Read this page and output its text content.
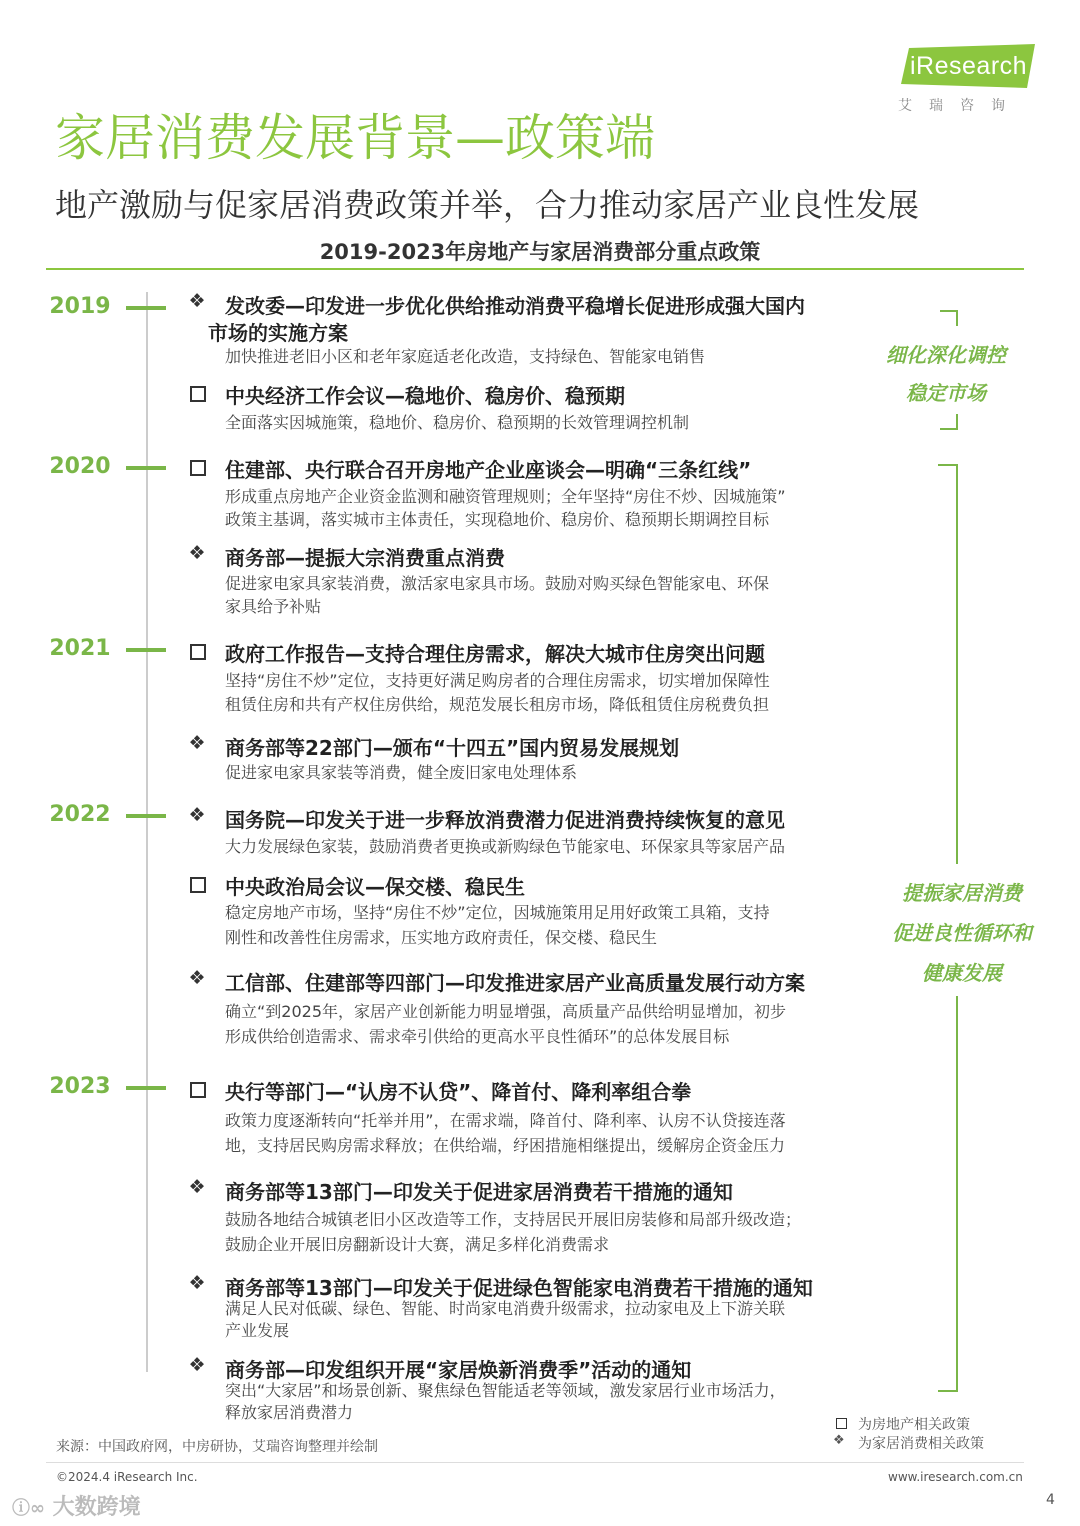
iResearch
艾瑞咨询
家居消费发展背景—政策端
地产激励与促家居消费政策并举，合力推动家居产业良性发展
2019-2023年房地产与家居消费部分重点政策
2019
2020
2021
2022
2023
❖ 发改委—印发进一步优化供给推动消费平稳增长促进形成强大国内
市场的实施方案
加快推进老旧小区和老年家庭适老化改造，支持绿色、智能家电销售
中央经济工作会议—稳地价、稳房价、稳预期
全面落实因城施策，稳地价、稳房价、稳预期的长效管理调控机制
住建部、央行联合召开房地产企业座谈会—明确“三条红线”
形成重点房地产企业资金监测和融资管理规则；全年坚持“房住不炒、因城施策”
政策主基调，落实城市主体责任，实现稳地价、稳房价、稳预期长期调控目标
❖ 商务部—提振大宗消费重点消费
促进家电家具家装消费，激活家电家具市场。鼓励对购买绿色智能家电、环保
家具给予补贴
政府工作报告—支持合理住房需求，解决大城市住房突出问题
坚持“房住不炒”定位，支持更好满足购房者的合理住房需求，切实增加保障性
租赁住房和共有产权住房供给，规范发展长租房市场，降低租赁住房税费负担
❖ 商务部等22部门—颁布“十四五”国内贸易发展规划
促进家电家具家装等消费，健全废旧家电处理体系
❖ 国务院—印发关于进一步释放消费潜力促进消费持续恢复的意见
大力发展绿色家装，鼓励消费者更换或新购绿色节能家电、环保家具等家居产品
中央政治局会议—保交楼、稳民生
稳定房地产市场，坚持“房住不炒”定位，因城施策用足用好政策工具箱，支持
刚性和改善性住房需求，压实地方政府责任，保交楼、稳民生
❖ 工信部、住建部等四部门—印发推进家居产业高质量发展行动方案
确立“到2025年，家居产业创新能力明显增强，高质量产品供给明显增加，初步
形成供给创造需求、需求牵引供给的更高水平良性循环”的总体发展目标
央行等部门—“认房不认贷”、降首付、降利率组合拳
政策力度逐渐转向“托举并用”，在需求端，降首付、降利率、认房不认贷接连落
地，支持居民购房需求释放；在供给端，纾困措施相继提出，缓解房企资金压力
❖ 商务部等13部门—印发关于促进家居消费若干措施的通知
鼓励各地结合城镇老旧小区改造等工作，支持居民开展旧房装修和局部升级改造；
鼓励企业开展旧房翻新设计大赛，满足多样化消费需求
❖ 商务部等13部门—印发关于促进绿色智能家电消费若干措施的通知
满足人民对低碳、绿色、智能、时尚家电消费升级需求，拉动家电及上下游关联
产业发展
❖ 商务部—印发组织开展“家居焕新消费季”活动的通知
突出“大家居”和场景创新、聚焦绿色智能适老等领域，激发家居行业市场活力，
释放家居消费潜力
细化深化调控
稳定市场
提振家居消费
促进良性循环和
健康发展
为房地产相关政策
❖ 为家居消费相关政策
来源：中国政府网，中房研协，艾瑞咨询整理并绘制
©2024.4 iResearch Inc.	www.iresearch.com.cn
4
ⓘ∞ 大数跨境
